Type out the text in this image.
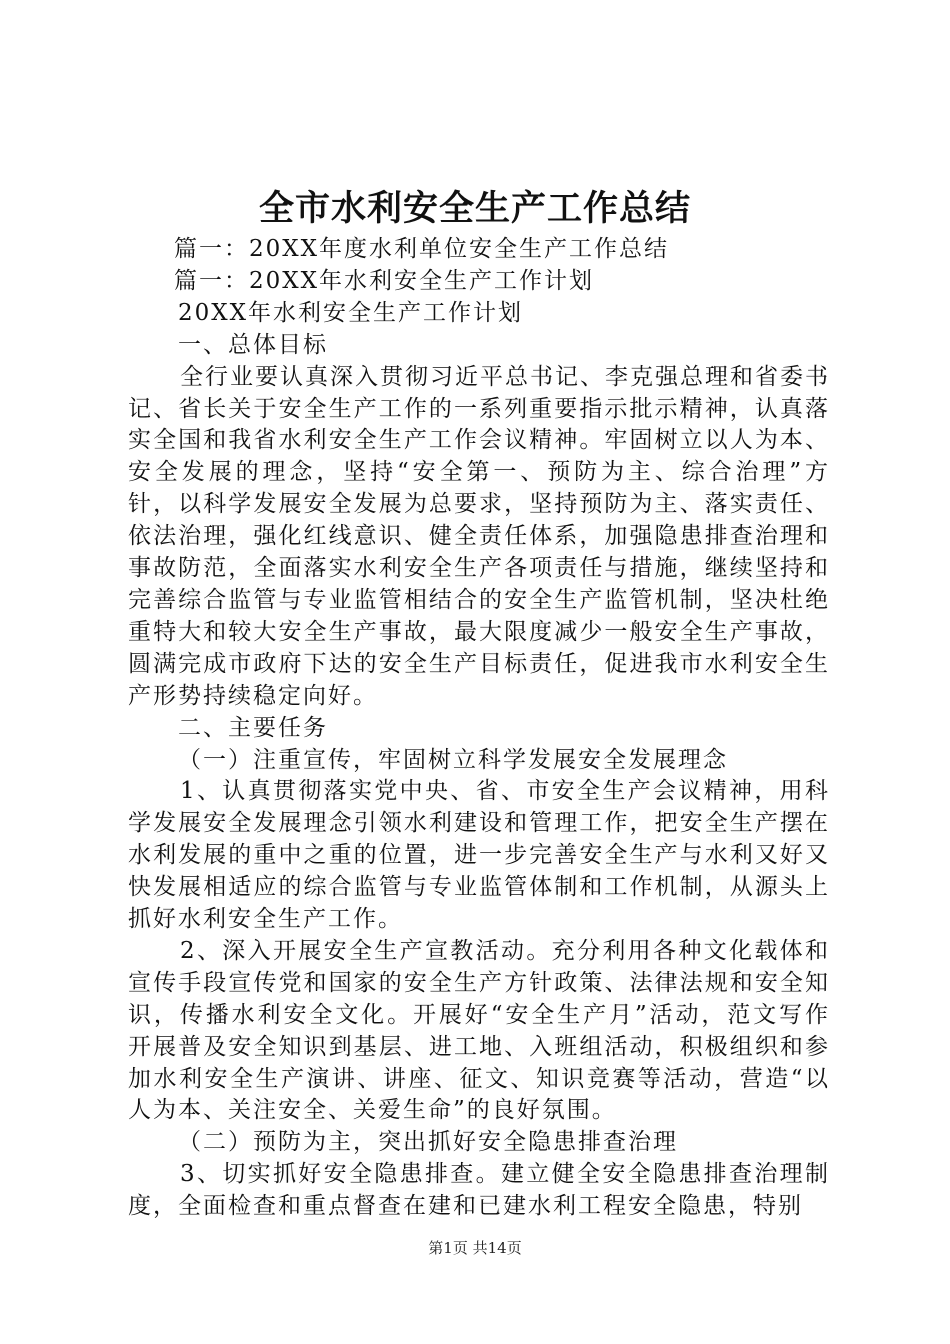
全市水利安全生产工作总结

篇一：20XX年度水利单位安全生产工作总结

篇一：20XX年水利安全生产工作计划

20XX年水利安全生产工作计划

一、总体目标

全行业要认真深入贯彻习近平总书记、李克强总理和省委书记、省长关于安全生产工作的一系列重要指示批示精神，认真落实全国和我省水利安全生产工作会议精神。牢固树立以人为本、安全发展的理念，坚持“安全第一、预防为主、综合治理”方针，以科学发展安全发展为总要求，坚持预防为主、落实责任、依法治理，强化红线意识、健全责任体系，加强隐患排查治理和事故防范，全面落实水利安全生产各项责任与措施，继续坚持和完善综合监管与专业监管相结合的安全生产监管机制，坚决杜绝重特大和较大安全生产事故，最大限度减少一般安全生产事故，圆满完成市政府下达的安全生产目标责任，促进我市水利安全生产形势持续稳定向好。

二、主要任务

（一）注重宣传，牢固树立科学发展安全发展理念

1、认真贯彻落实党中央、省、市安全生产会议精神，用科学发展安全发展理念引领水利建设和管理工作，把安全生产摆在水利发展的重中之重的位置，进一步完善安全生产与水利又好又快发展相适应的综合监管与专业监管体制和工作机制，从源头上抓好水利安全生产工作。

2、深入开展安全生产宣教活动。充分利用各种文化载体和宣传手段宣传党和国家的安全生产方针政策、法律法规和安全知识，传播水利安全文化。开展好“安全生产月”活动，范文写作开展普及安全知识到基层、进工地、入班组活动，积极组织和参加水利安全生产演讲、讲座、征文、知识竞赛等活动，营造“以人为本、关注安全、关爱生命”的良好氛围。

（二）预防为主，突出抓好安全隐患排查治理

3、切实抓好安全隐患排查。建立健全安全隐患排查治理制度，全面检查和重点督查在建和已建水利工程安全隐患，特别

第1页 共14页
